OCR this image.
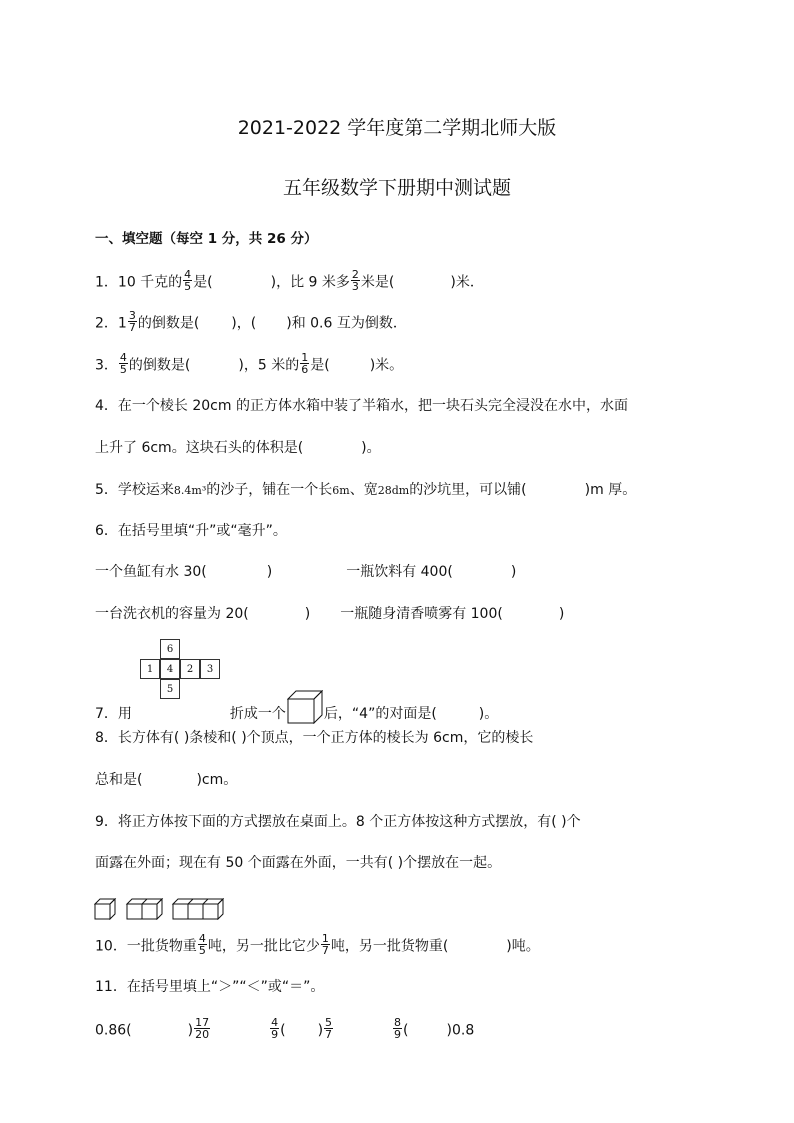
2021-2022 学年度第二学期北师大版
五年级数学下册期中测试题
一、填空题（每空 1 分，共 26 分）
1．10 千克的 $\frac{4}{5}$ 是(	)，比 9 米多 $\frac{2}{3}$ 米是(	)米．
2．$1 \frac{3}{7}$ 的倒数是( )，( )和 0.6 互为倒数．
3． $\frac{4}{5}$ 的倒数是(	)，5 米的 $\frac{1}{6}$ 是(	)米。
4．在一个棱长 20cm 的正方体水箱中装了半箱水，把一块石头完全浸没在水中，水面
上升了 6cm。这块石头的体积是(	)。
5．学校运来8.4m³的沙子，铺在一个长6m、宽28dm的沙坑里，可以铺(	)m 厚。
6．在括号里填“升”或“毫升”。
一个鱼缸有水 30(	)	一瓶饮料有 400(	)
一台洗衣机的容量为 20(	) 一瓶随身清香喷雾有 100(	)
6
1	4	2	3
5
7．用	折成一个	后，“4”的对面是(	)。
8．长方体有( )条棱和( )个顶点，一个正方体的棱长为 6cm，它的棱长
总和是(	)cm。
9．将正方体按下面的方式摆放在桌面上。8 个正方体按这种方式摆放，有( )个
面露在外面；现在有 50 个面露在外面，一共有( )个摆放在一起。
10．一批货物重 $\frac{4}{5}$ 吨，另一批比它少 $\frac{1}{7}$ 吨，另一批货物重(	)吨。
11．在括号里填上“＞”“＜”或“＝”。
0.86(	) $\frac{17}{20}$	$\frac{4}{9}$ ( ) $\frac{5}{7}$	$\frac{8}{9}$ (	)0.8
